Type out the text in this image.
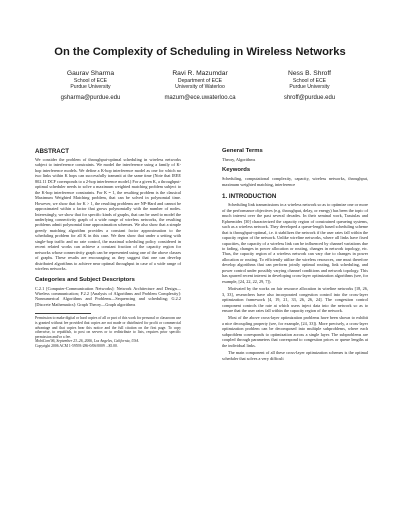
On the Complexity of Scheduling in Wireless Networks
Gaurav Sharma
School of ECE
Purdue University
gsharma@purdue.edu
Ravi R. Mazumdar
Department of ECE
University of Waterloo
mazum@ece.uwaterloo.ca
Ness B. Shroff
School of ECE
Purdue University
shroff@purdue.edu
ABSTRACT

We consider the problem of throughput-optimal scheduling in wireless networks subject to interference constraints. We model the interference using a family of K-hop interference models. We define a K-hop interference model as one for which no two links within K hops can successfully transmit at the same time (Note that IEEE 802.11 DCF corresponds to a 2-hop interference model.) For a given K, a throughput-optimal scheduler needs to solve a maximum weighted matching problem subject to the K-hop interference constraints. For K = 1, the resulting problem is the classical Maximum Weighted Matching problem, that can be solved in polynomial time. However, we show that for K > 1, the resulting problems are NP-Hard and cannot be approximated within a factor that grows polynomially with the number of nodes. Interestingly, we show that for specific kinds of graphs, that can be used to model the underlying connectivity graph of a wide range of wireless networks, the resulting problems admit polynomial time approximation schemes. We also show that a simple greedy matching algorithm provides a constant factor approximation to the scheduling problem for all K in this case. We then show that under a setting with single-hop traffic and no rate control, the maximal scheduling policy considered in recent related works can achieve a constant fraction of the capacity region for networks whose connectivity graph can be represented using one of the above classes of graphs. These results are encouraging as they suggest that one can develop distributed algorithms to achieve near optimal throughput in case of a wide range of wireless networks.

Categories and Subject Descriptors

C.2.1 [Computer-Communication Networks]: Network Architecture and Design—Wireless communication; F.2.2 [Analysis of Algorithms and Problem Complexity]: Nonnumerical Algorithms and Problems—Sequencing and scheduling; G.2.2 [Discrete Mathematics]: Graph Theory—Graph algorithms

Permission to make digital or hard copies of all or part of this work for personal or classroom use is granted without fee provided that copies are not made or distributed for profit or commercial advantage and that copies bear this notice and the full citation on the first page. To copy otherwise, to republish, to post on servers or to redistribute to lists, requires prior specific permission and/or a fee.

MobiCom'06, September 23–26, 2006, Los Angeles, California, USA.

Copyright 2006 ACM 1-59593-286-0/06/0009 ...$5.00.

General Terms

Theory, Algorithms

Keywords

Scheduling, computational complexity, capacity, wireless networks, throughput, maximum weighted matching, interference

1. INTRODUCTION

Scheduling link transmissions in a wireless network so as to optimize one or more of the performance objectives (e.g. throughput, delay, or energy) has been the topic of much interest over the past several decades. In their seminal work, Tassiulas and Ephremides [30] characterized the capacity region of constrained queueing systems, such as a wireless network. They developed a queue-length based scheduling scheme that is throughput-optimal, i.e. it stabilizes the network if the user rates fall within the capacity region of the network. Unlike wireline networks, where all links have fixed capacities, the capacity of a wireless link can be influenced by channel variations due to fading, changes in power allocation or routing, changes in network topology, etc. Thus, the capacity region of a wireless network can vary due to changes in power allocation or routing. To efficiently utilize the wireless resources, one must therefore develop algorithms that can perform jointly optimal routing, link scheduling, and power control under possibly varying channel conditions and network topology. This has spurred recent interest in developing cross-layer optimization algorithms (see, for example, [24, 22, 22, 29, 7]).

Motivated by the works on fair resource allocation in wireline networks [18, 26, 3, 33], researchers have also incorporated congestion control into the cross-layer optimization framework [4, 19, 21, 33, 26, 26, 24]. The congestion control component controls the rate at which users inject data into the network so as to ensure that the user rates fall within the capacity region of the network.

Most of the above cross-layer optimization problems have been shown to exhibit a nice decoupling property (see, for example, [24, 33]). More precisely, a cross-layer optimization problem can be decomposed into multiple subproblems, where each subproblem corresponds to optimization across a single layer. The subproblems are coupled through parameters that correspond to congestion prices or queue lengths at the individual links.

The main component of all these cross-layer optimization schemes is the optimal scheduler that solves a very difficult
